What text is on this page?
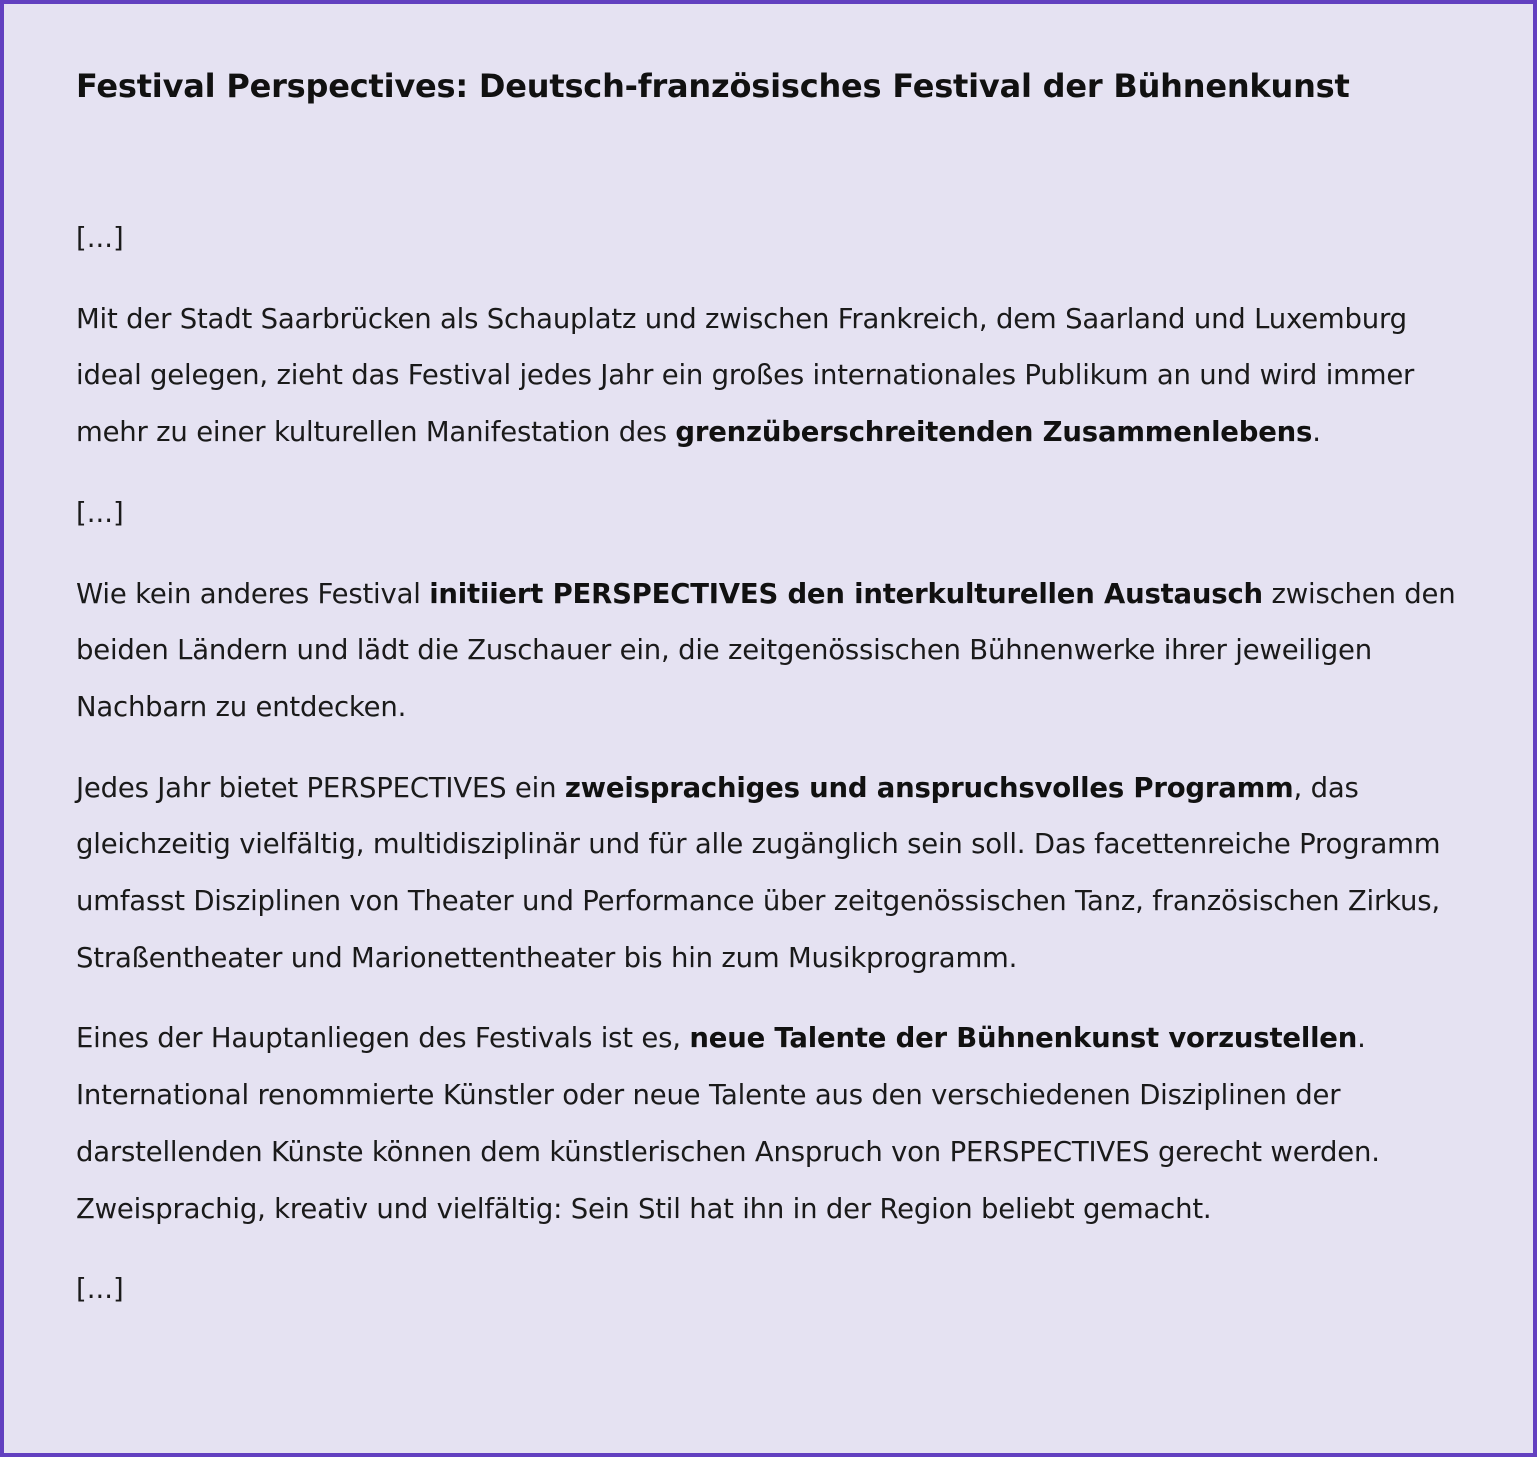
Festival Perspectives: Deutsch-französisches Festival der Bühnenkunst

[...]

Mit der Stadt Saarbrücken als Schauplatz und zwischen Frankreich, dem Saarland und Luxemburg ideal gelegen, zieht das Festival jedes Jahr ein großes internationales Publikum an und wird immer mehr zu einer kulturellen Manifestation des grenzüberschreitenden Zusammenlebens.

[...]

Wie kein anderes Festival initiiert PERSPECTIVES den interkulturellen Austausch zwischen den beiden Ländern und lädt die Zuschauer ein, die zeitgenössischen Bühnenwerke ihrer jeweiligen Nachbarn zu entdecken.

Jedes Jahr bietet PERSPECTIVES ein zweisprachiges und anspruchsvolles Programm, das gleichzeitig vielfältig, multidisziplinär und für alle zugänglich sein soll. Das facettenreiche Programm umfasst Disziplinen von Theater und Performance über zeitgenössischen Tanz, französischen Zirkus, Straßentheater und Marionettentheater bis hin zum Musikprogramm.

Eines der Hauptanliegen des Festivals ist es, neue Talente der Bühnenkunst vorzustellen. International renommierte Künstler oder neue Talente aus den verschiedenen Disziplinen der darstellenden Künste können dem künstlerischen Anspruch von PERSPECTIVES gerecht werden. Zweisprachig, kreativ und vielfältig: Sein Stil hat ihn in der Region beliebt gemacht.

[...]
